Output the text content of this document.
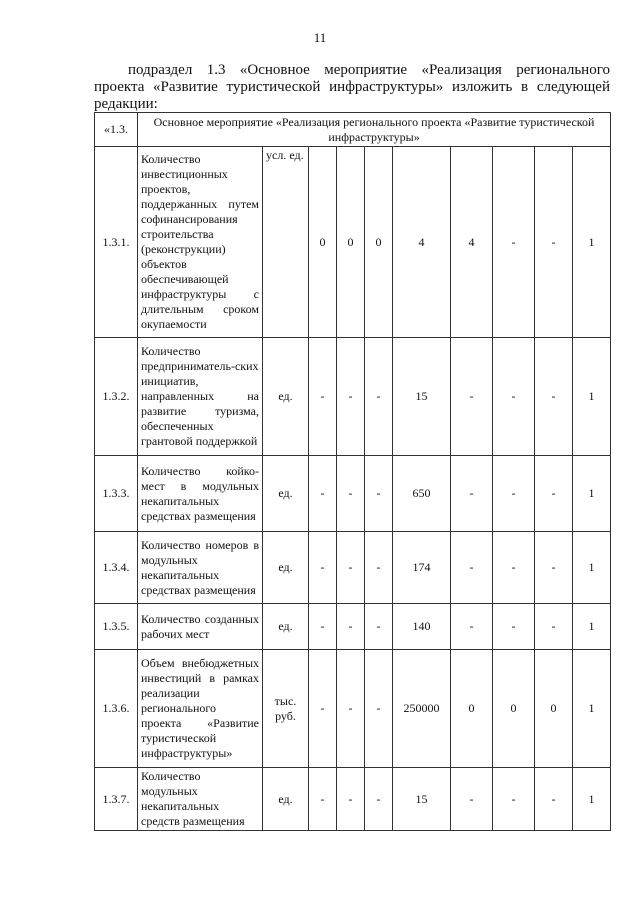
11
подраздел 1.3 «Основное мероприятие «Реализация регионального проекта «Развитие туристической инфраструктуры» изложить в следующей
редакции:
«1.3.	Основное мероприятие «Реализация регионального проекта «Развитие туристической инфраструктуры»									
1.3.1.	Количество инвестиционных проектов, поддержанных путем софинансирования строительства (реконструкции) объектов обеспечивающей инфраструктуры с длительным сроком окупаемости	усл. ед.	0	0	0	4	4	-	-	1
1.3.2.	Количество предприниматель-ских инициатив, направленных на развитие туризма, обеспеченных грантовой поддержкой	ед.	-	-	-	15	-	-	-	1
1.3.3.	Количество койко-мест в модульных некапитальных средствах размещения	ед.	-	-	-	650	-	-	-	1
1.3.4.	Количество номеров в модульных некапитальных средствах размещения	ед.	-	-	-	174	-	-	-	1
1.3.5.	Количество созданных рабочих мест	ед.	-	-	-	140	-	-	-	1
1.3.6.	Объем внебюджетных инвестиций в рамках реализации регионального проекта «Развитие туристической инфраструктуры»	тыс. руб.	-	-	-	250000	0	0	0	1
1.3.7.	Количество модульных некапитальных средств размещения	ед.	-	-	-	15	-	-	-	1
